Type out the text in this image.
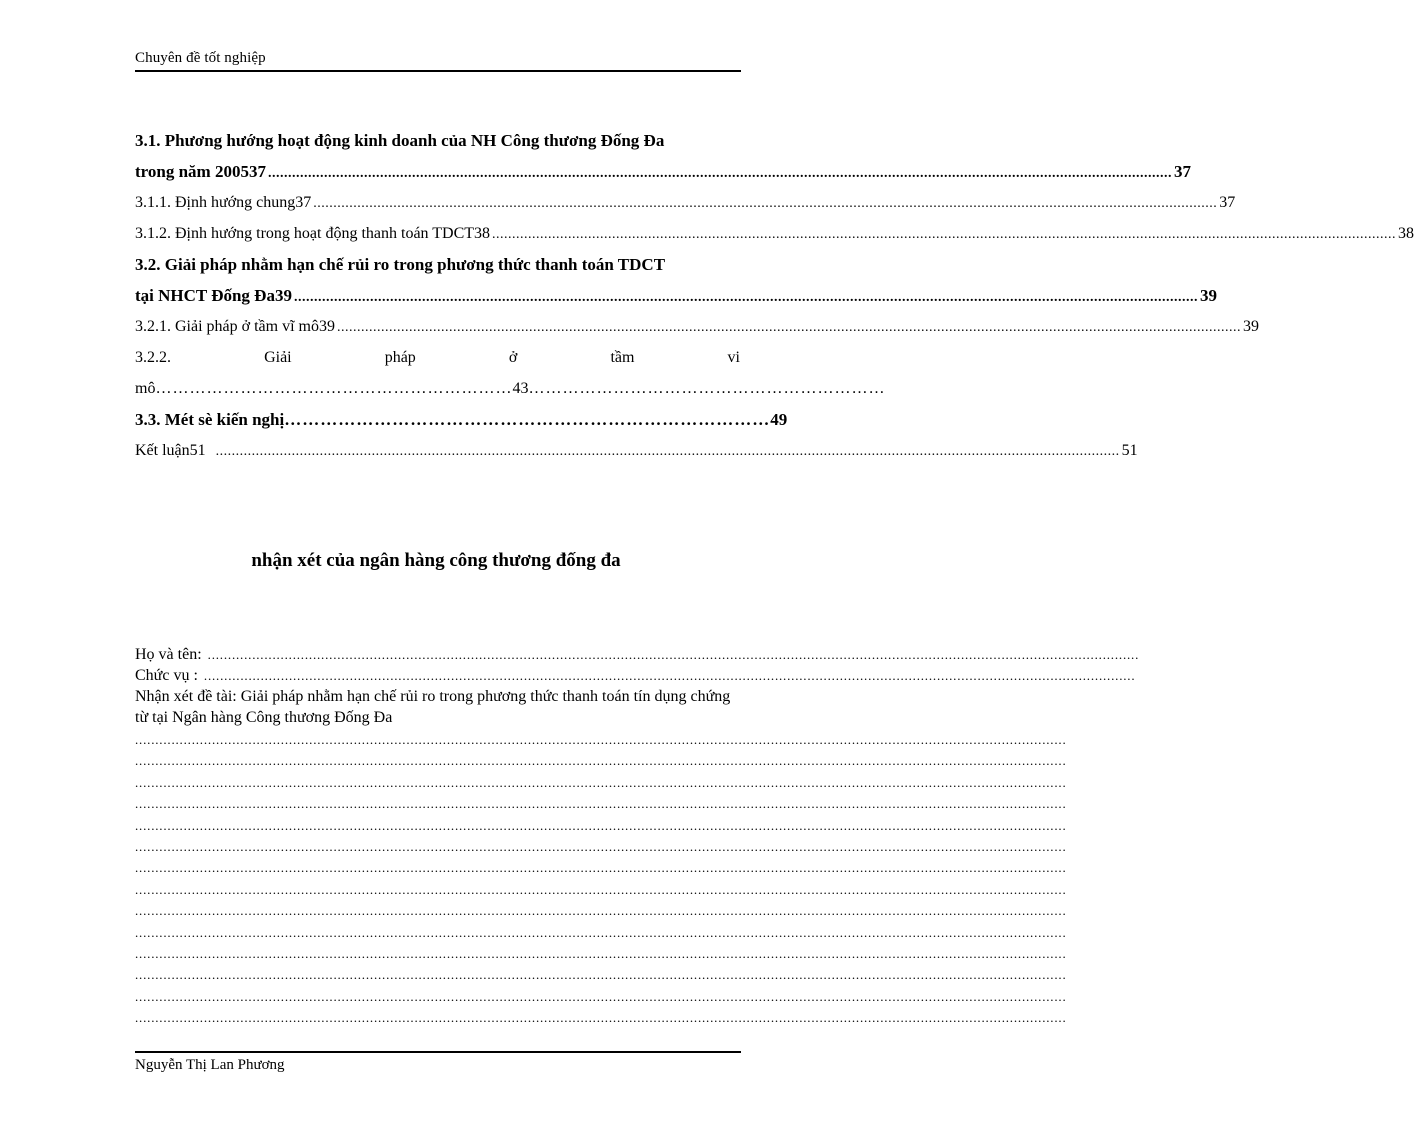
Chuyên đề tốt nghiệp
3.1. Phương hướng hoạt động kinh doanh của NH Công thương Đống Đa
trong năm 200537 .....	37
3.1.1. Định hướng chung37 .....	37
3.1.2. Định hướng trong hoạt động thanh toán TDCT38 .....	38
3.2. Giải pháp nhằm hạn chế rủi ro trong phương thức thanh toán TDCT
tại NHCT Đống Đa39 .....	39
3.2.1. Giải pháp ở tầm vĩ mô39 .....	39
3.2.2.	Giải	pháp	ở	tầm	vi
mô ……………………………………………………… 43 ………………………………………………………
3.3. Mét sè kiến nghị ……………………………………………………………………… 49
Kết luận51 .....	51
nhận xét của ngân hàng công thương đống đa
Họ và tên:
.....
Chức vụ :
.....
Nhận xét đề tài: Giải pháp nhằm hạn chế rủi ro trong phương thức thanh toán tín dụng chứng từ tại Ngân hàng Công thương Đống Đa
.....
.....
.....
.....
.....
.....
.....
.....
.....
.....
.....
.....
.....
.....
Nguyễn Thị Lan Phương
